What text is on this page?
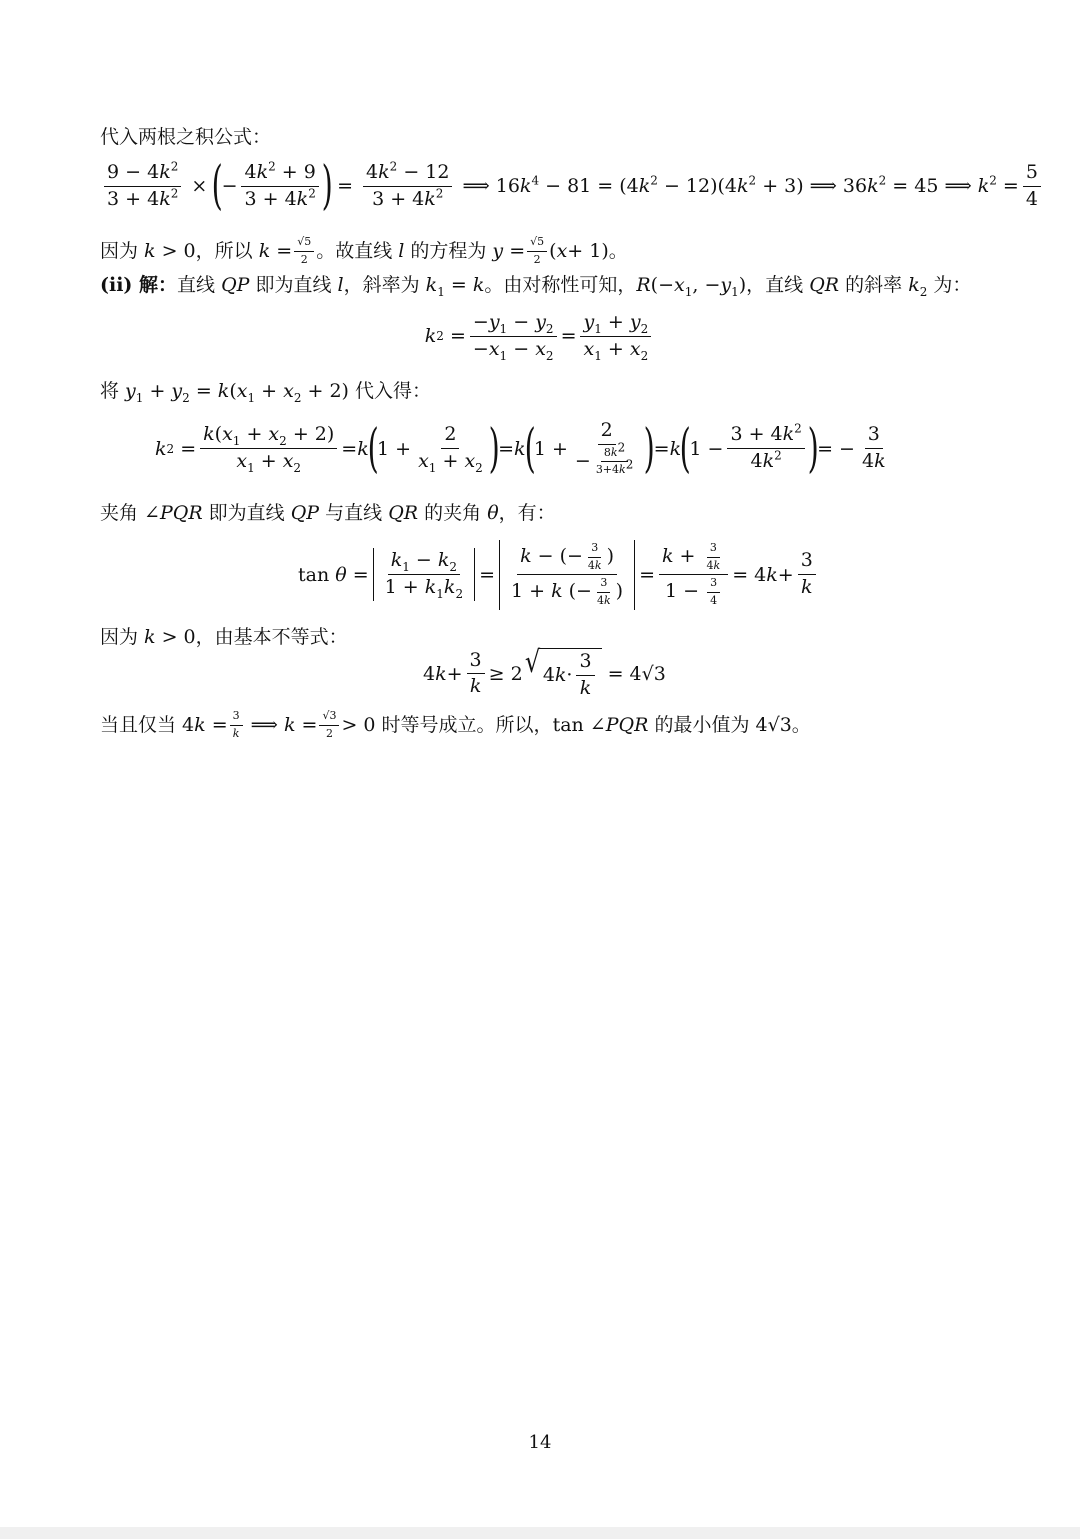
代入两根之积公式：
$\frac{9 - 4k^2}{3 + 4k^2}$ × (
− $\frac{4k^2 + 9}{3 + 4k^2}$ ) = $\frac{4k^2 - 12}{3 + 4k^2}$ ⟹ $16k^4 - 81 = (4k^2 - 12)(4k^2 + 3)$ ⟹ $36k^2 = 45$ ⟹ $k^2 = \frac{5}{4}$
因为 k > 0，所以 $k = \frac{√5}{2}$ 。故直线 l 的方程为 $y = \frac{√5}{2}$ ( x + 1)。
(ii) 解：直线 QP 即为直线 l，斜率为 $k_1 = k$。由对称性可知，$R(-x_1$, $-y_1$)，直线 QR 的斜率 $k_2$ 为：
k $2 = \frac{-y_1 - y_2}{-x_1 - x_2} = \frac{y_1 + y_2}{x_1 + x_2}$
将 $y_1 + y_2 = k(x_1 + x_2 + 2)$ 代入得：
k $2 = \frac{k(x_1 + x_2 + 2)}{x_1 + x_2} = k$
(
$1 + \frac{2}{x_1 + x_2}$ )
= k
(
$1 + \frac{2}{- \frac{8k^2}{3+4k^2}}$ )
= k
(
$1 - \frac{3 + 4k^2}{4k^2}$ )
= − $\frac{3}{4k}$
夹角 ∠PQR 即为直线 QP 与直线 QR 的夹角 θ，有：
$\tan \theta = \frac{k_1 - k_2}{1 + k_1k_2} = \frac{k - (- \frac{3}{4k} )}{1 + k (- \frac{3}{4k} )} = \frac{k + \frac{3}{4k}}{1 - \frac{3}{4}} = 4$ $k + \frac{3}{k}$
因为 k > 0，由基本不等式：
4 $k + \frac{3}{k} \ge 2$ √ 4 $k \cdot \frac{3}{k} = 4√3$
当且仅当 4 $k = \frac{3}{k}$ ⟹ $k = \frac{√3}{2} > 0$ 时等号成立。所以，tan ∠PQR 的最小值为 4√3。
14
